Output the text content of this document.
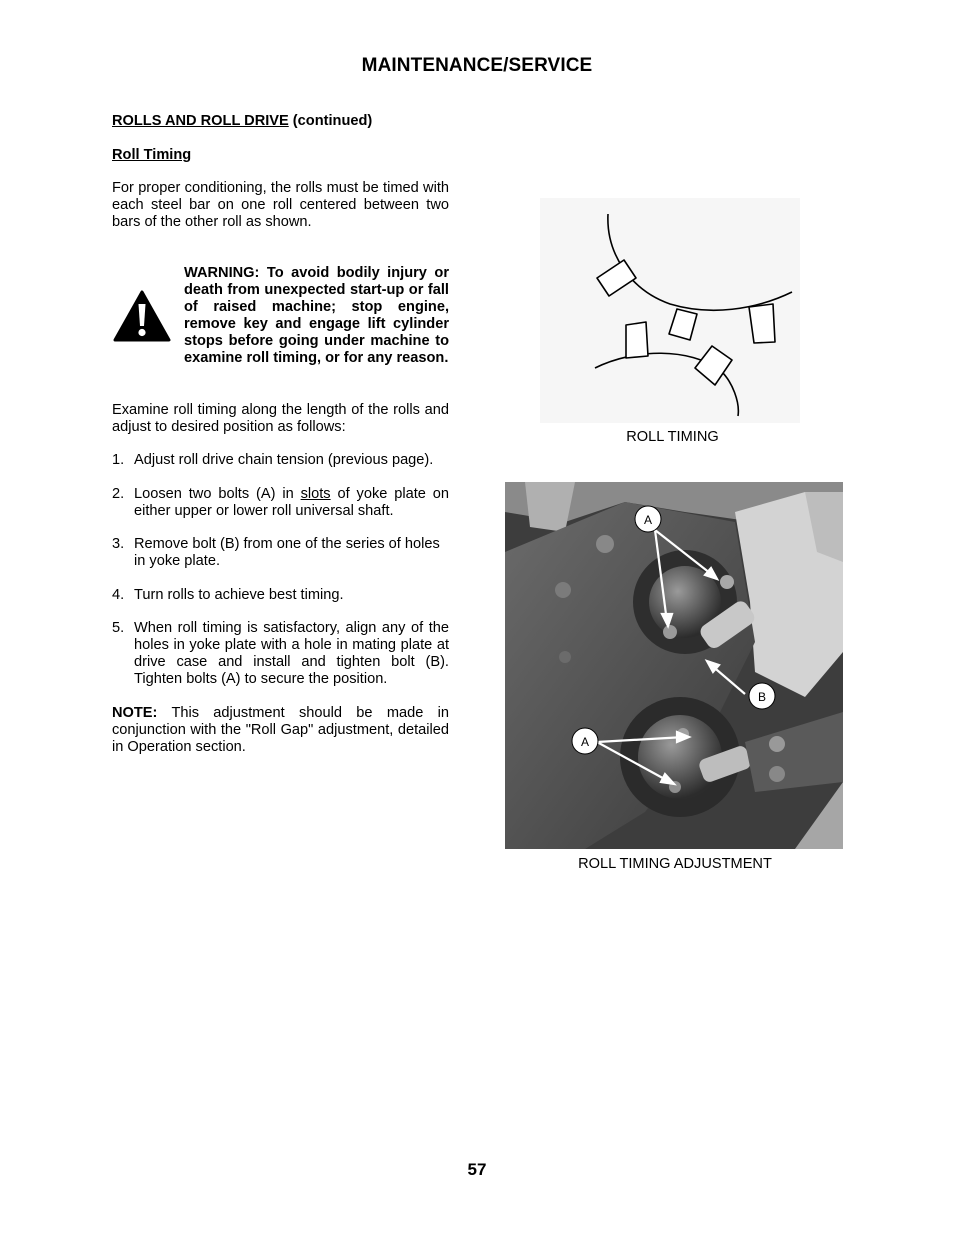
MAINTENANCE/SERVICE
ROLLS AND ROLL DRIVE (continued)
Roll Timing
For proper conditioning, the rolls must be timed with each steel bar on one roll centered between two bars of the other roll as shown.
WARNING: To avoid bodily injury or death from unexpected start-up or fall of raised machine; stop engine, remove key and engage lift cylinder stops before going under machine to examine roll timing, or for any reason.
Examine roll timing along the length of the rolls and adjust to desired position as follows:
1. Adjust roll drive chain tension (previous page).
2. Loosen two bolts (A) in slots of yoke plate on either upper or lower roll universal shaft.
3. Remove bolt (B) from one of the series of holes in yoke plate.
4. Turn rolls to achieve best timing.
5. When roll timing is satisfactory, align any of the holes in yoke plate with a hole in mating plate at drive case and install and tighten bolt (B). Tighten bolts (A) to secure the position.
NOTE: This adjustment should be made in conjunction with the "Roll Gap" adjustment, detailed in Operation section.
ROLL TIMING
A
B
A
ROLL TIMING ADJUSTMENT
57
